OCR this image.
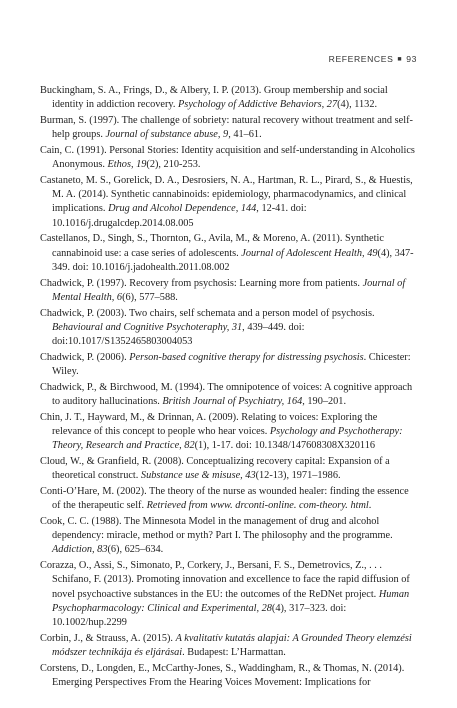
REFERENCES ■ 93
Buckingham, S. A., Frings, D., & Albery, I. P. (2013). Group membership and social identity in addiction recovery. Psychology of Addictive Behaviors, 27(4), 1132.
Burman, S. (1997). The challenge of sobriety: natural recovery without treatment and self-help groups. Journal of substance abuse, 9, 41–61.
Cain, C. (1991). Personal Stories: Identity acquisition and self-understanding in Alcoholics Anonymous. Ethos, 19(2), 210-253.
Castaneto, M. S., Gorelick, D. A., Desrosiers, N. A., Hartman, R. L., Pirard, S., & Huestis, M. A. (2014). Synthetic cannabinoids: epidemiology, pharmacodynamics, and clinical implications. Drug and Alcohol Dependence, 144, 12-41. doi: 10.1016/j.drugalcdep.2014.08.005
Castellanos, D., Singh, S., Thornton, G., Avila, M., & Moreno, A. (2011). Synthetic cannabinoid use: a case series of adolescents. Journal of Adolescent Health, 49(4), 347-349. doi: 10.1016/j.jadohealth.2011.08.002
Chadwick, P. (1997). Recovery from psychosis: Learning more from patients. Journal of Mental Health, 6(6), 577–588.
Chadwick, P. (2003). Two chairs, self schemata and a person model of psychosis. Behavioural and Cognitive Psychoteraphy, 31, 439–449. doi: doi:10.1017/S1352465803004053
Chadwick, P. (2006). Person-based cognitive therapy for distressing psychosis. Chicester: Wiley.
Chadwick, P., & Birchwood, M. (1994). The omnipotence of voices: A cognitive approach to auditory hallucinations. British Journal of Psychiatry, 164, 190–201.
Chin, J. T., Hayward, M., & Drinnan, A. (2009). Relating to voices: Exploring the relevance of this concept to people who hear voices. Psychology and Psychotherapy: Theory, Research and Practice, 82(1), 1-17. doi: 10.1348/147608308X320116
Cloud, W., & Granfield, R. (2008). Conceptualizing recovery capital: Expansion of a theoretical construct. Substance use & misuse, 43(12-13), 1971–1986.
Conti-O’Hare, M. (2002). The theory of the nurse as wounded healer: finding the essence of the therapeutic self. Retrieved from www. drconti-online. com-theory. html.
Cook, C. C. (1988). The Minnesota Model in the management of drug and alcohol dependency: miracle, method or myth? Part I. The philosophy and the programme. Addiction, 83(6), 625–634.
Corazza, O., Assi, S., Simonato, P., Corkery, J., Bersani, F. S., Demetrovics, Z., . . . Schifano, F. (2013). Promoting innovation and excellence to face the rapid diffusion of novel psychoactive substances in the EU: the outcomes of the ReDNet project. Human Psychopharmacology: Clinical and Experimental, 28(4), 317–323. doi: 10.1002/hup.2299
Corbin, J., & Strauss, A. (2015). A kvalitatív kutatás alapjai: A Grounded Theory elemzési módszer technikája és eljárásai. Budapest: L’Harmattan.
Corstens, D., Longden, E., McCarthy-Jones, S., Waddingham, R., & Thomas, N. (2014). Emerging Perspectives From the Hearing Voices Movement: Implications for
